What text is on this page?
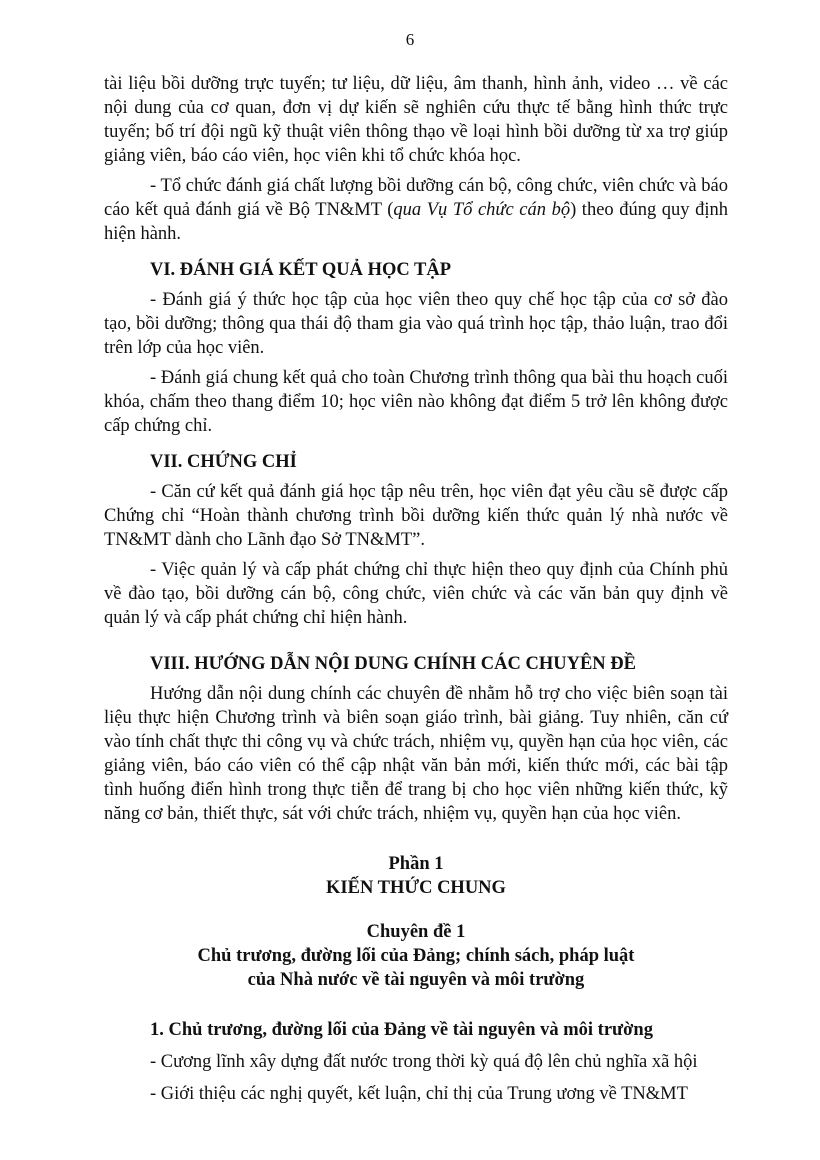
6

tài liệu bồi dưỡng trực tuyến; tư liệu, dữ liệu, âm thanh, hình ảnh, video … về các nội dung của cơ quan, đơn vị dự kiến sẽ nghiên cứu thực tế bằng hình thức trực tuyến; bố trí đội ngũ kỹ thuật viên thông thạo về loại hình bồi dưỡng từ xa trợ giúp giảng viên, báo cáo viên, học viên khi tổ chức khóa học.

- Tổ chức đánh giá chất lượng bồi dưỡng cán bộ, công chức, viên chức và báo cáo kết quả đánh giá về Bộ TN&MT (qua Vụ Tổ chức cán bộ) theo đúng quy định hiện hành.

VI. ĐÁNH GIÁ KẾT QUẢ HỌC TẬP

- Đánh giá ý thức học tập của học viên theo quy chế học tập của cơ sở đào tạo, bồi dưỡng; thông qua thái độ tham gia vào quá trình học tập, thảo luận, trao đổi trên lớp của học viên.

- Đánh giá chung kết quả cho toàn Chương trình thông qua bài thu hoạch cuối khóa, chấm theo thang điểm 10; học viên nào không đạt điểm 5 trở lên không được cấp chứng chỉ.

VII. CHỨNG CHỈ

- Căn cứ kết quả đánh giá học tập nêu trên, học viên đạt yêu cầu sẽ được cấp Chứng chỉ “Hoàn thành chương trình bồi dưỡng kiến thức quản lý nhà nước về TN&MT dành cho Lãnh đạo Sở TN&MT”.

- Việc quản lý và cấp phát chứng chỉ thực hiện theo quy định của Chính phủ về đào tạo, bồi dưỡng cán bộ, công chức, viên chức và các văn bản quy định về quản lý và cấp phát chứng chỉ hiện hành.

VIII. HƯỚNG DẪN NỘI DUNG CHÍNH CÁC CHUYÊN ĐỀ

Hướng dẫn nội dung chính các chuyên đề nhằm hỗ trợ cho việc biên soạn tài liệu thực hiện Chương trình và biên soạn giáo trình, bài giảng. Tuy nhiên, căn cứ vào tính chất thực thi công vụ và chức trách, nhiệm vụ, quyền hạn của học viên, các giảng viên, báo cáo viên có thể cập nhật văn bản mới, kiến thức mới, các bài tập tình huống điển hình trong thực tiễn để trang bị cho học viên những kiến thức, kỹ năng cơ bản, thiết thực, sát với chức trách, nhiệm vụ, quyền hạn của học viên.

Phần 1

KIẾN THỨC CHUNG

Chuyên đề 1

Chủ trương, đường lối của Đảng; chính sách, pháp luật

của Nhà nước về tài nguyên và môi trường

1. Chủ trương, đường lối của Đảng về tài nguyên và môi trường

- Cương lĩnh xây dựng đất nước trong thời kỳ quá độ lên chủ nghĩa xã hội

- Giới thiệu các nghị quyết, kết luận, chỉ thị của Trung ương về TN&MT
